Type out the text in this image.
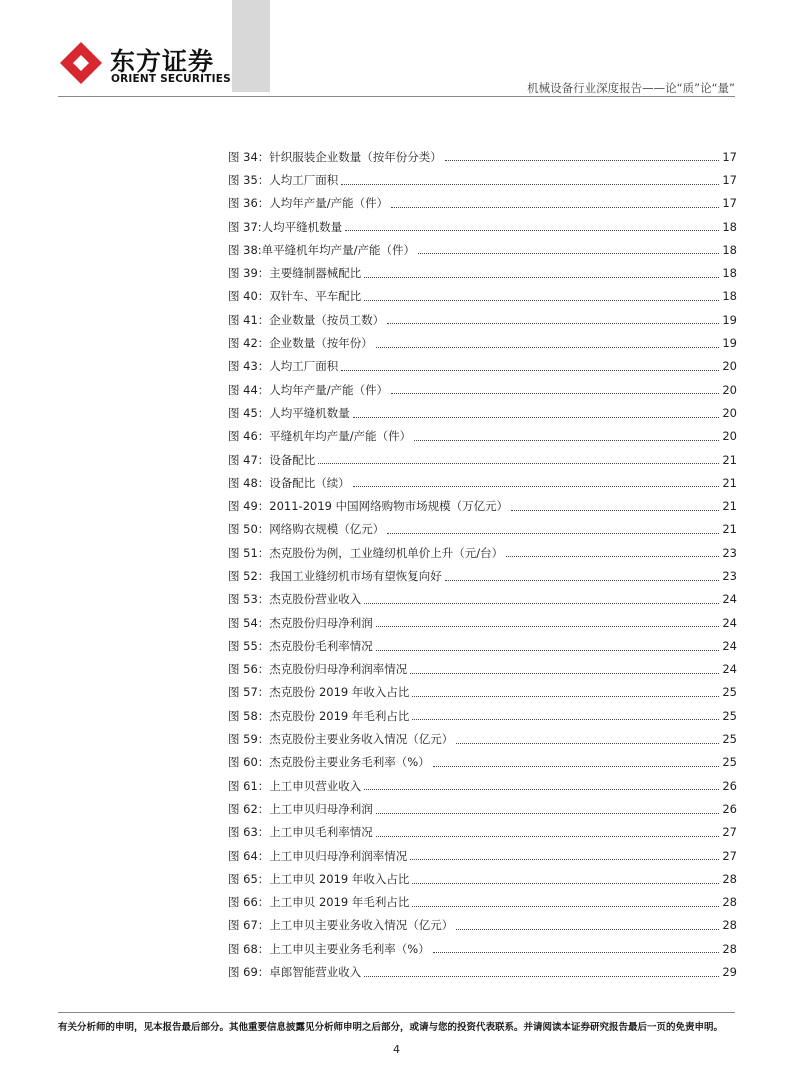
东方证券
ORIENT SECURITIES
机械设备行业深度报告——论“质”论“量”
图 34：针织服装企业数量（按年份分类）	17
图 35：人均工厂面积	17
图 36：人均年产量/产能（件）	17
图 37:人均平缝机数量	18
图 38:单平缝机年均产量/产能（件）	18
图 39：主要缝制器械配比	18
图 40：双针车、平车配比	18
图 41：企业数量（按员工数）	19
图 42：企业数量（按年份）	19
图 43：人均工厂面积	20
图 44：人均年产量/产能（件）	20
图 45：人均平缝机数量	20
图 46：平缝机年均产量/产能（件）	20
图 47：设备配比	21
图 48：设备配比（续）	21
图 49：2011-2019 中国网络购物市场规模（万亿元）	21
图 50：网络购衣规模（亿元）	21
图 51：杰克股份为例，工业缝纫机单价上升（元/台）	23
图 52：我国工业缝纫机市场有望恢复向好	23
图 53：杰克股份营业收入	24
图 54：杰克股份归母净利润	24
图 55：杰克股份毛利率情况	24
图 56：杰克股份归母净利润率情况	24
图 57：杰克股份 2019 年收入占比	25
图 58：杰克股份 2019 年毛利占比	25
图 59：杰克股份主要业务收入情况（亿元）	25
图 60：杰克股份主要业务毛利率（%）	25
图 61：上工申贝营业收入	26
图 62：上工申贝归母净利润	26
图 63：上工申贝毛利率情况	27
图 64：上工申贝归母净利润率情况	27
图 65：上工申贝 2019 年收入占比	28
图 66：上工申贝 2019 年毛利占比	28
图 67：上工申贝主要业务收入情况（亿元）	28
图 68：上工申贝主要业务毛利率（%）	28
图 69：卓郎智能营业收入	29
有关分析师的申明，见本报告最后部分。其他重要信息披露见分析师申明之后部分，或请与您的投资代表联系。并请阅读本证券研究报告最后一页的免责申明。
4
